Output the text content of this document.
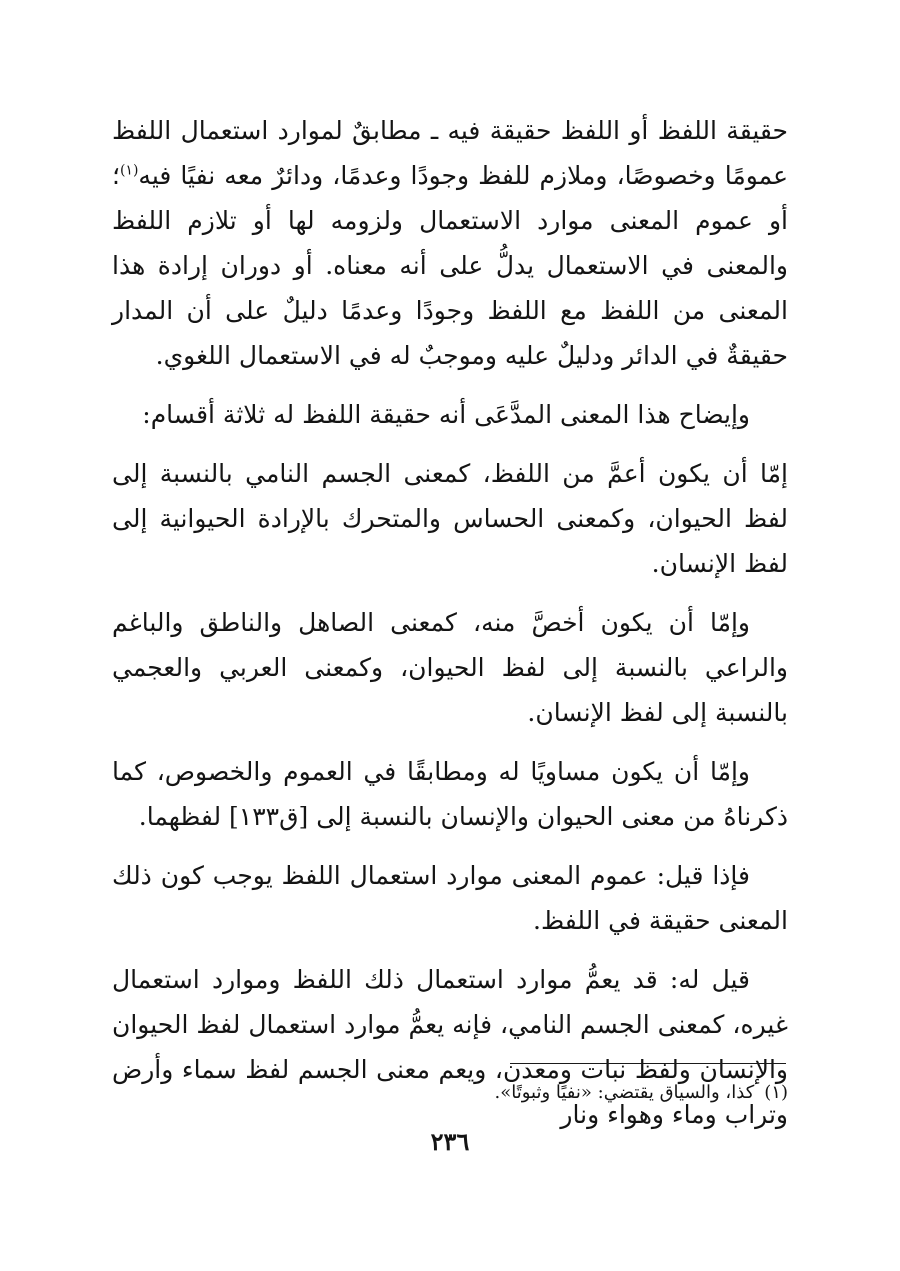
حقيقة اللفظ أو اللفظ حقيقة فيه ـ مطابقٌ لموارد استعمال اللفظ عمومًا وخصوصًا، وملازم للفظ وجودًا وعدمًا، ودائرٌ معه نفيًا فيه$^{(١)}$؛ أو عموم المعنى موارد الاستعمال ولزومه لها أو تلازم اللفظ والمعنى في الاستعمال يدلُّ على أنه معناه. أو دوران إرادة هذا المعنى من اللفظ مع اللفظ وجودًا وعدمًا دليلٌ على أن المدار حقيقةٌ في الدائر ودليلٌ عليه وموجبٌ له في الاستعمال اللغوي.

وإيضاح هذا المعنى المدَّعَى أنه حقيقة اللفظ له ثلاثة أقسام:

إمّا أن يكون أعمَّ من اللفظ، كمعنى الجسم النامي بالنسبة إلى لفظ الحيوان، وكمعنى الحساس والمتحرك بالإرادة الحيوانية إلى لفظ الإنسان.

وإمّا أن يكون أخصَّ منه، كمعنى الصاهل والناطق والباغم والراعي بالنسبة إلى لفظ الحيوان، وكمعنى العربي والعجمي بالنسبة إلى لفظ الإنسان.

وإمّا أن يكون مساويًا له ومطابقًا في العموم والخصوص، كما ذكرناهُ من معنى الحيوان والإنسان بالنسبة إلى [ق١٣٣] لفظهما.

فإذا قيل: عموم المعنى موارد استعمال اللفظ يوجب كون ذلك المعنى حقيقة في اللفظ.

قيل له: قد يعمُّ موارد استعمال ذلك اللفظ وموارد استعمال غيره، كمعنى الجسم النامي، فإنه يعمُّ موارد استعمال لفظ الحيوان والإنسان ولفظ نبات ومعدن، ويعم معنى الجسم لفظ سماء وأرض وتراب وماء وهواء ونار

(١)كذا، والسياق يقتضي: «نفيًا وثبوتًا».
٢٣٦
